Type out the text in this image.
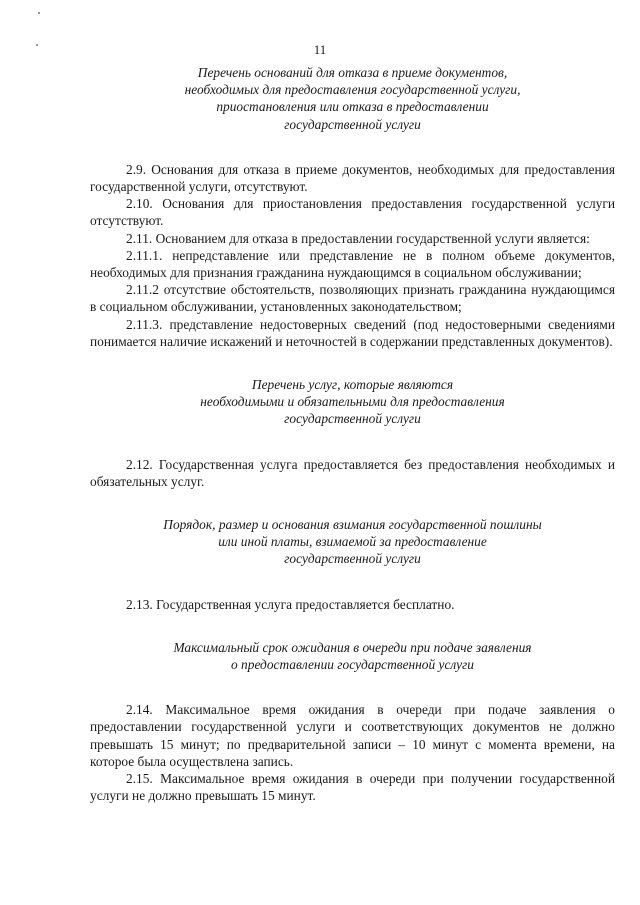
11
Перечень оснований для отказа в приеме документов,
необходимых для предоставления государственной услуги,
приостановления или отказа в предоставлении
государственной услуги

2.9. Основания для отказа в приеме документов, необходимых для предоставления государственной услуги, отсутствуют.

2.10. Основания для приостановления предоставления государственной услуги отсутствуют.

2.11. Основанием для отказа в предоставлении государственной услуги является:

2.11.1. непредставление или представление не в полном объеме документов, необходимых для признания гражданина нуждающимся в социальном обслуживании;

2.11.2 отсутствие обстоятельств, позволяющих признать гражданина нуждающимся в социальном обслуживании, установленных законодательством;

2.11.3. представление недостоверных сведений (под недостоверными сведениями понимается наличие искажений и неточностей в содержании представленных документов).

Перечень услуг, которые являются
необходимыми и обязательными для предоставления
государственной услуги

2.12. Государственная услуга предоставляется без предоставления необходимых и обязательных услуг.

Порядок, размер и основания взимания государственной пошлины
или иной платы, взимаемой за предоставление
государственной услуги

2.13. Государственная услуга предоставляется бесплатно.

Максимальный срок ожидания в очереди при подаче заявления
о предоставлении государственной услуги

2.14. Максимальное время ожидания в очереди при подаче заявления о предоставлении государственной услуги и соответствующих документов не должно превышать 15 минут; по предварительной записи – 10 минут с момента времени, на которое была осуществлена запись.

2.15. Максимальное время ожидания в очереди при получении государственной услуги не должно превышать 15 минут.
